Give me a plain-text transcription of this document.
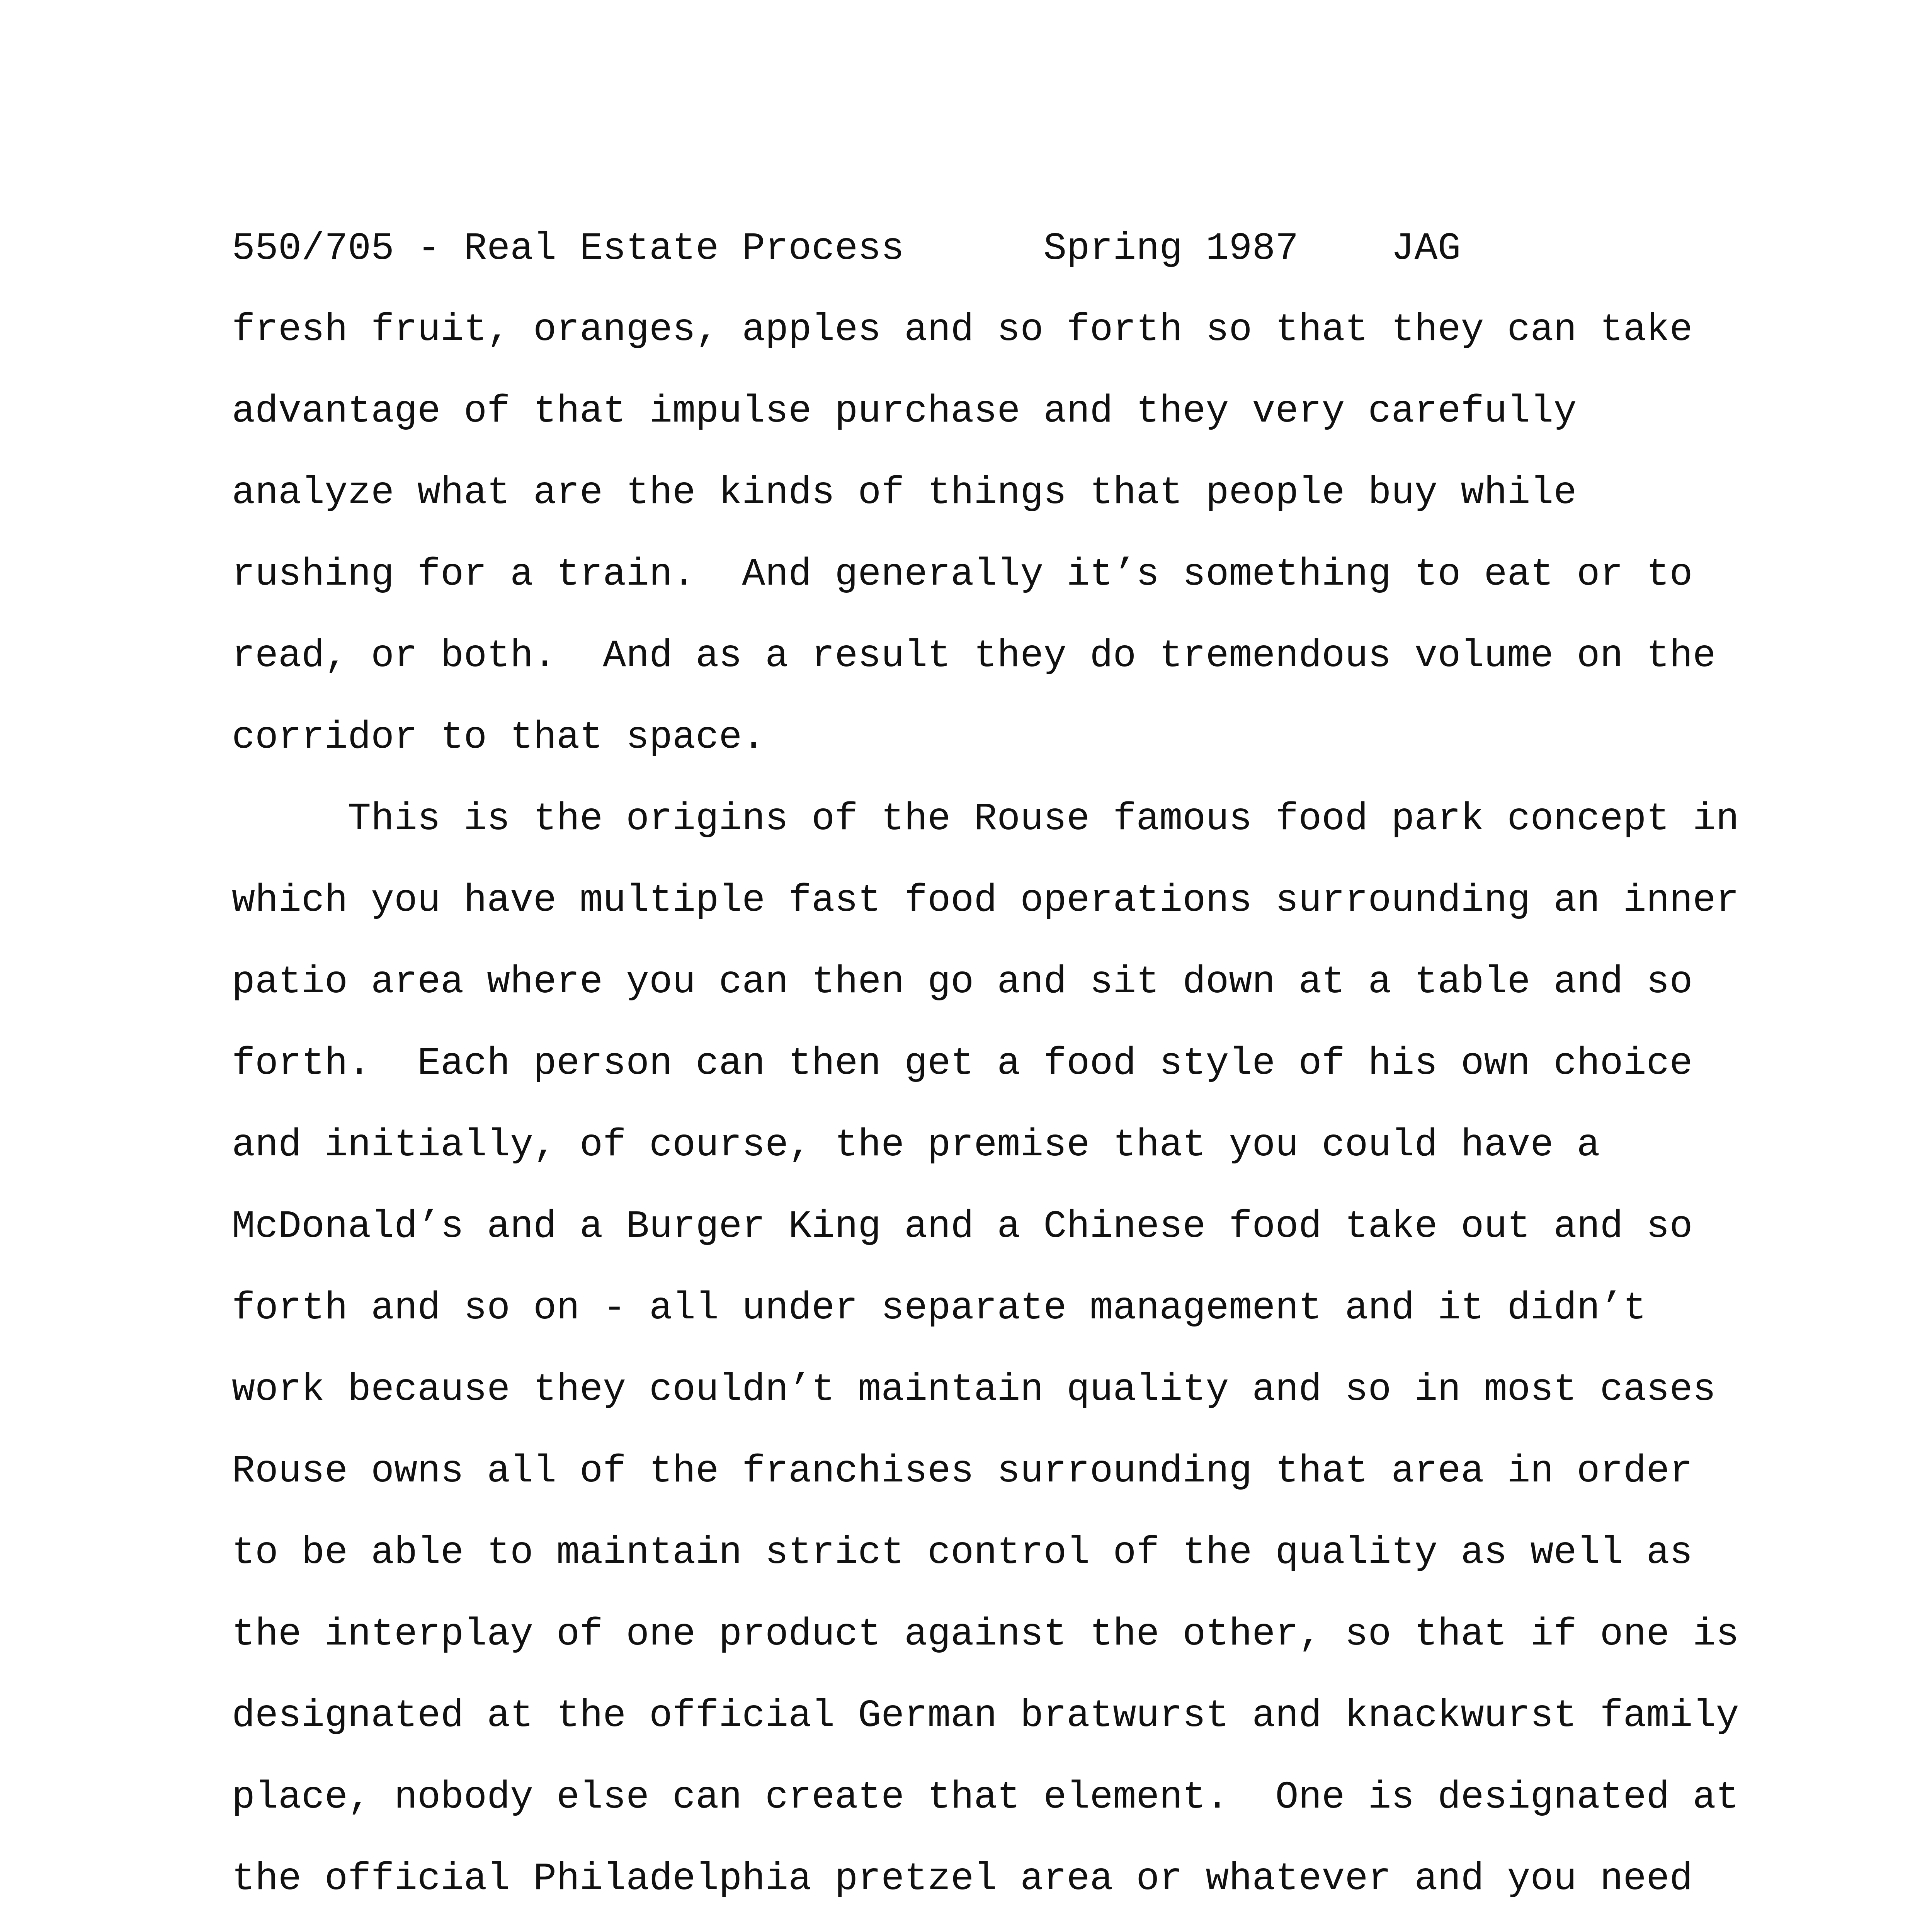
550/705 - Real Estate Process	Spring 1987 JAG
fresh fruit, oranges, apples and so forth so that they can take
advantage of that impulse purchase and they very carefully
analyze what are the kinds of things that people buy while
rushing for a train.  And generally it’s something to eat or to
read, or both.  And as a result they do tremendous volume on the
corridor to that space.
This is the origins of the Rouse famous food park concept in
which you have multiple fast food operations surrounding an inner
patio area where you can then go and sit down at a table and so
forth.  Each person can then get a food style of his own choice
and initially, of course, the premise that you could have a
McDonald’s and a Burger King and a Chinese food take out and so
forth and so on - all under separate management and it didn’t
work because they couldn’t maintain quality and so in most cases
Rouse owns all of the franchises surrounding that area in order
to be able to maintain strict control of the quality as well as
the interplay of one product against the other, so that if one is
designated at the official German bratwurst and knackwurst family
place, nobody else can create that element.  One is designated at
the official Philadelphia pretzel area or whatever and you need
